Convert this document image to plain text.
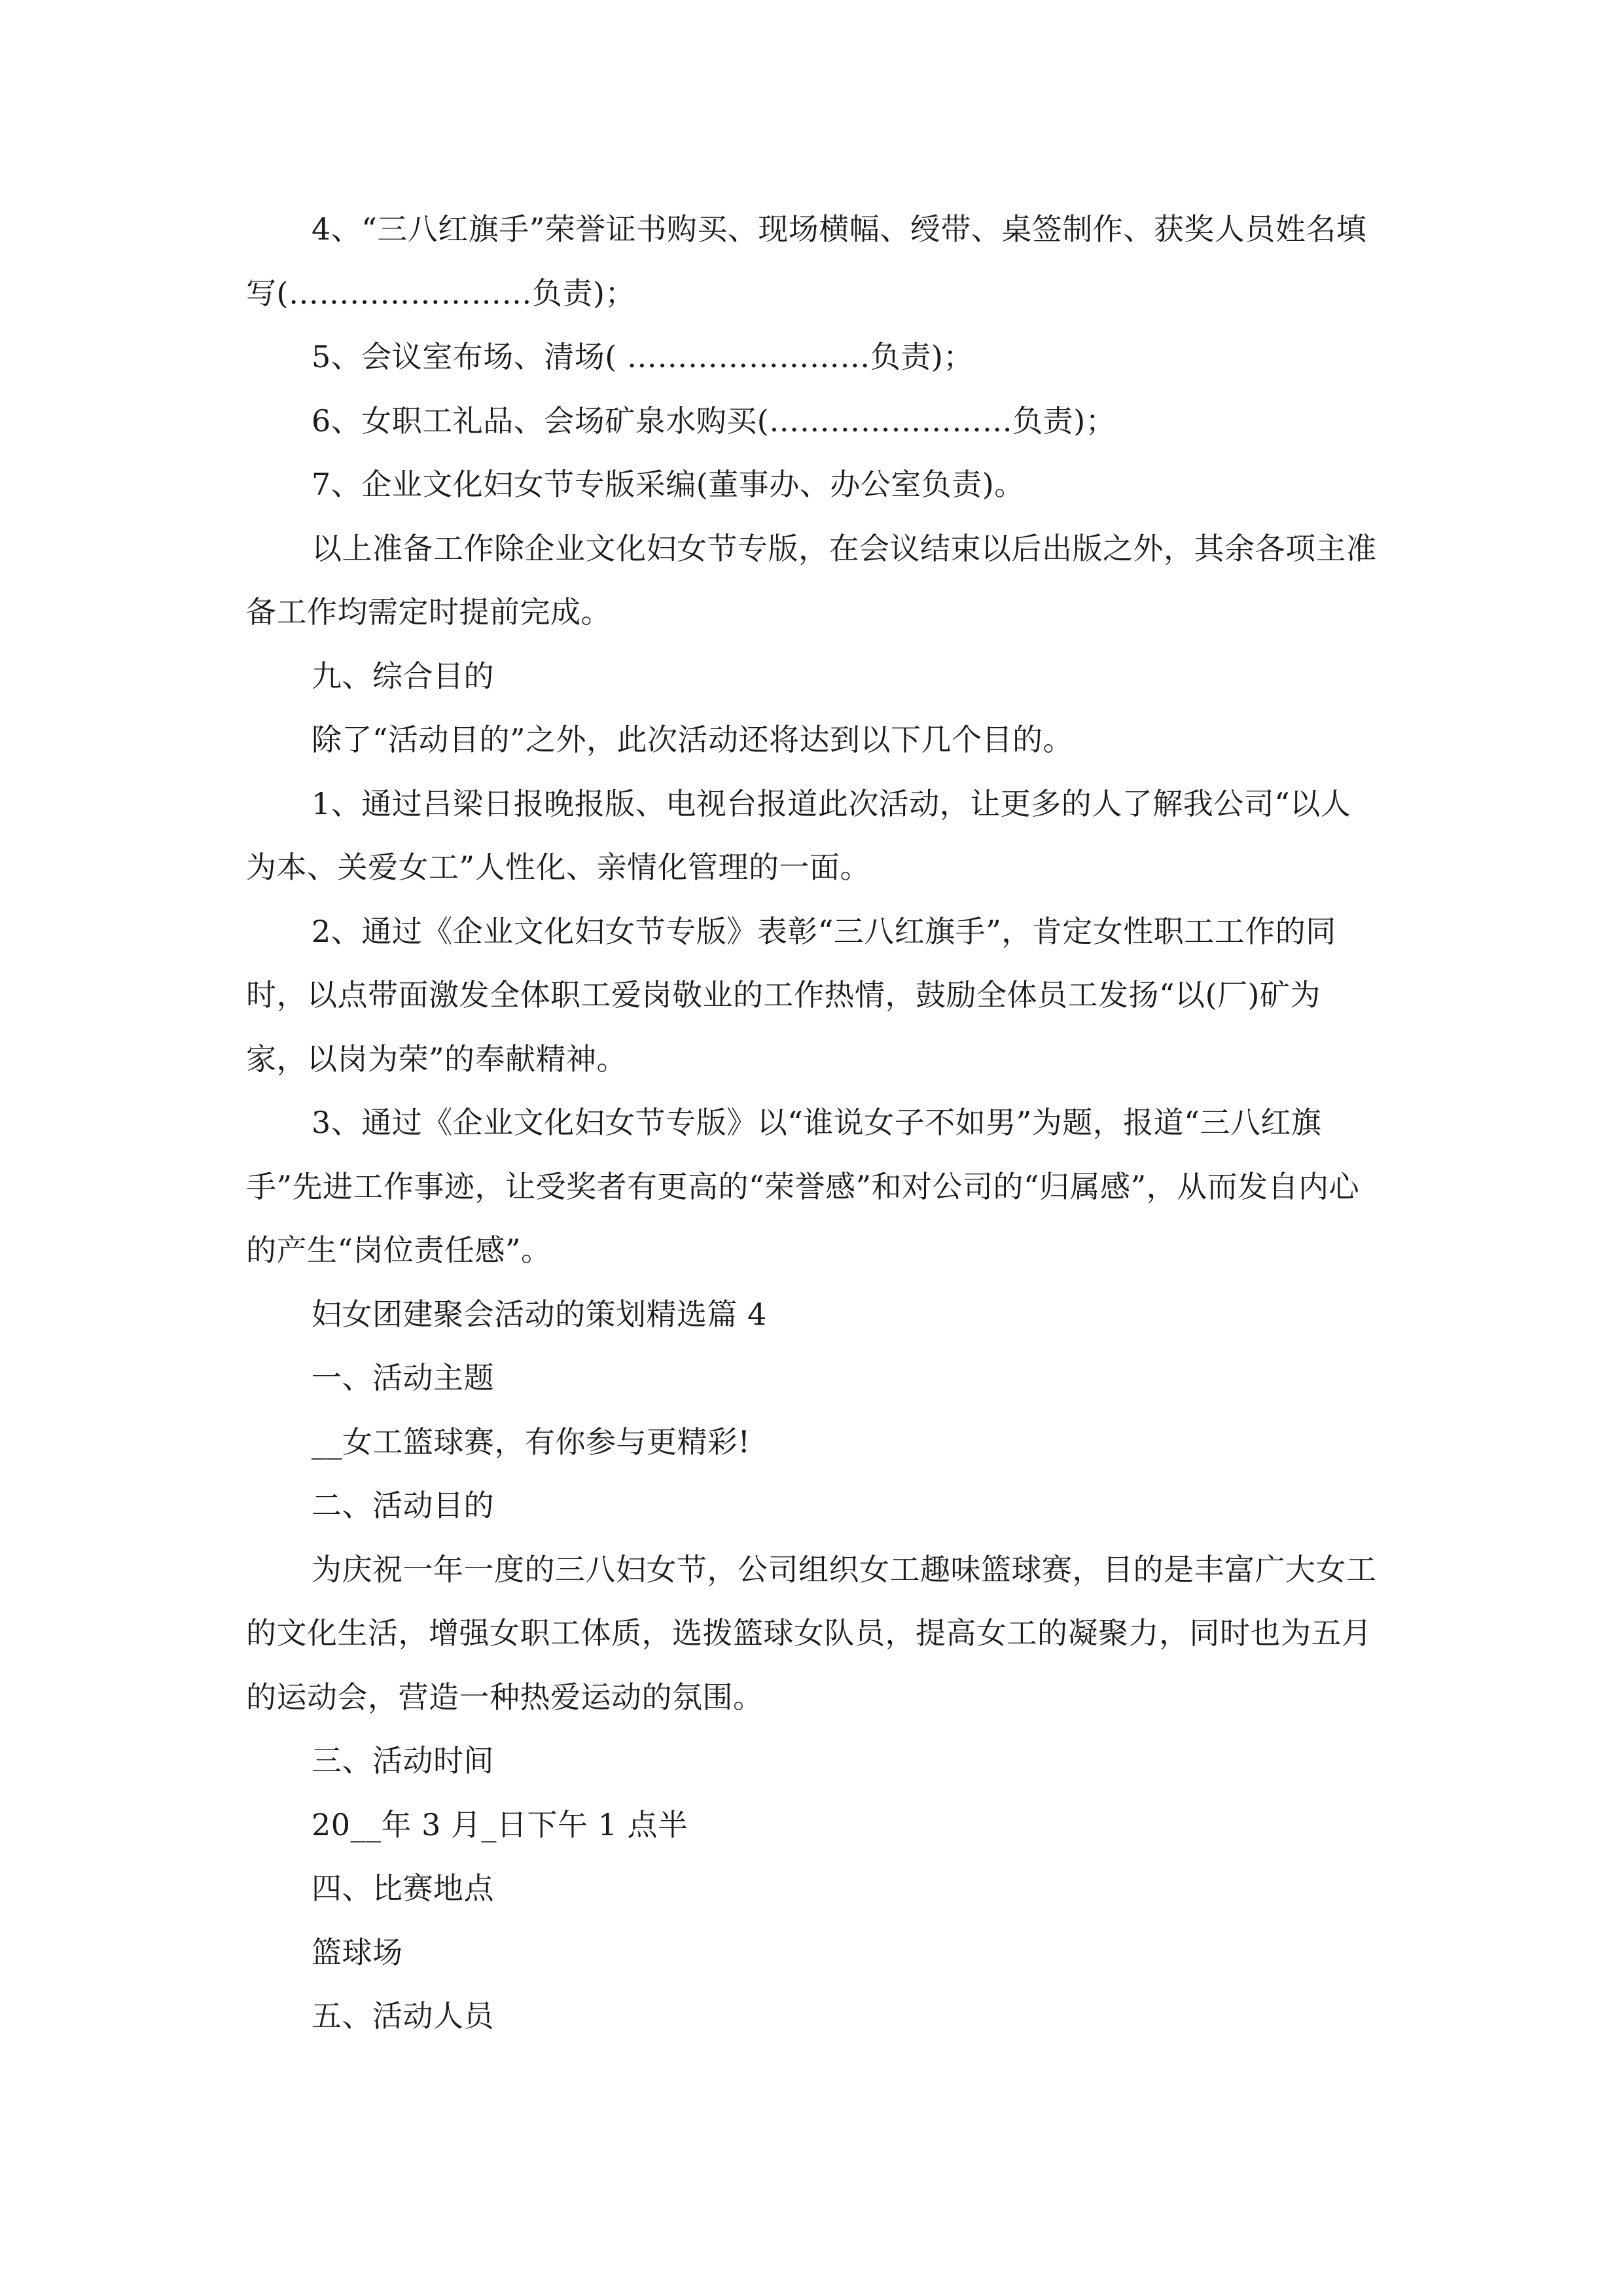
4、“三八红旗手”荣誉证书购买、现场横幅、绶带、桌签制作、获奖人员姓名填写(……………………负责)；

5、会议室布场、清场( ……………………负责)；

6、女职工礼品、会场矿泉水购买(……………………负责)；

7、企业文化妇女节专版采编(董事办、办公室负责)。

以上准备工作除企业文化妇女节专版，在会议结束以后出版之外，其余各项主准备工作均需定时提前完成。

九、综合目的

除了“活动目的”之外，此次活动还将达到以下几个目的。

1、通过吕梁日报晚报版、电视台报道此次活动，让更多的人了解我公司“以人为本、关爱女工”人性化、亲情化管理的一面。

2、通过《企业文化妇女节专版》表彰“三八红旗手”，肯定女性职工工作的同时，以点带面激发全体职工爱岗敬业的工作热情，鼓励全体员工发扬“以(厂)矿为家，以岗为荣”的奉献精神。

3、通过《企业文化妇女节专版》以“谁说女子不如男”为题，报道“三八红旗手”先进工作事迹，让受奖者有更高的“荣誉感”和对公司的“归属感”，从而发自内心的产生“岗位责任感”。

妇女团建聚会活动的策划精选篇 4

一、活动主题

__女工篮球赛，有你参与更精彩!

二、活动目的

为庆祝一年一度的三八妇女节，公司组织女工趣味篮球赛，目的是丰富广大女工的文化生活，增强女职工体质，选拨篮球女队员，提高女工的凝聚力，同时也为五月的运动会，营造一种热爱运动的氛围。

三、活动时间

20__年 3 月_日下午 1 点半

四、比赛地点

篮球场

五、活动人员
